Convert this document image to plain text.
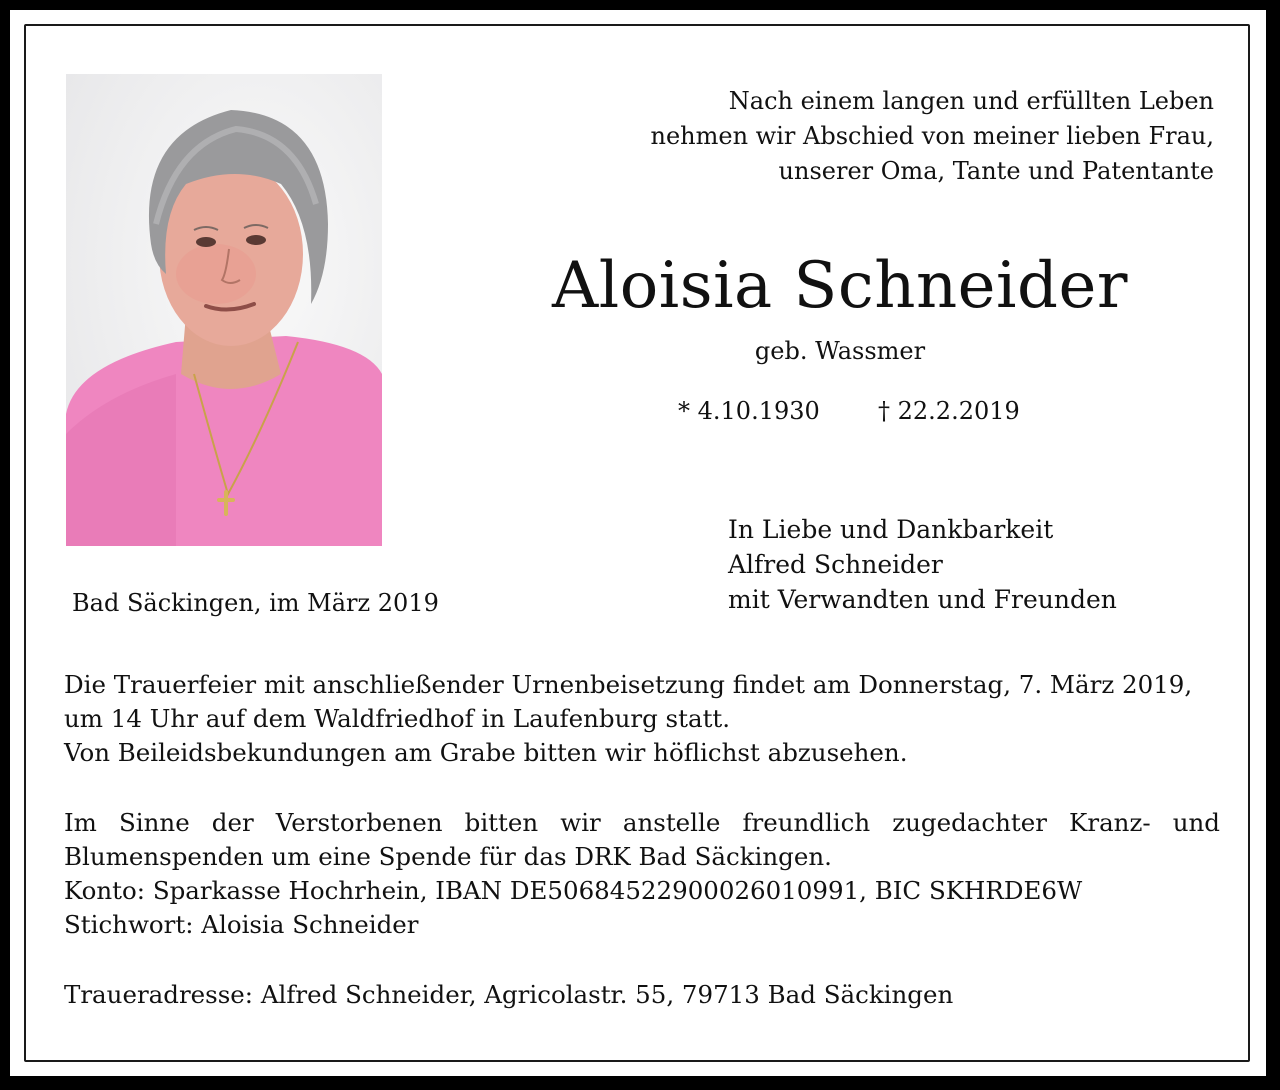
Nach einem langen und erfüllten Leben
nehmen wir Abschied von meiner lieben Frau,
unserer Oma, Tante und Patentante
Aloisia Schneider
geb. Wassmer
* 4.10.1930 † 22.2.2019
In Liebe und Dankbarkeit
Alfred Schneider
mit Verwandten und Freunden
Bad Säckingen, im März 2019
Die Trauerfeier mit anschließender Urnenbeisetzung findet am Donnerstag, 7. März 2019,
um 14 Uhr auf dem Waldfriedhof in Laufenburg statt.
Von Beileidsbekundungen am Grabe bitten wir höflichst abzusehen.
Im Sinne der Verstorbenen bitten wir anstelle freundlich zugedachter Kranz- und
Blumenspenden um eine Spende für das DRK Bad Säckingen.
Konto: Sparkasse Hochrhein, IBAN DE50684522900026010991, BIC SKHRDE6W
Stichwort: Aloisia Schneider
Traueradresse: Alfred Schneider, Agricolastr. 55, 79713 Bad Säckingen
